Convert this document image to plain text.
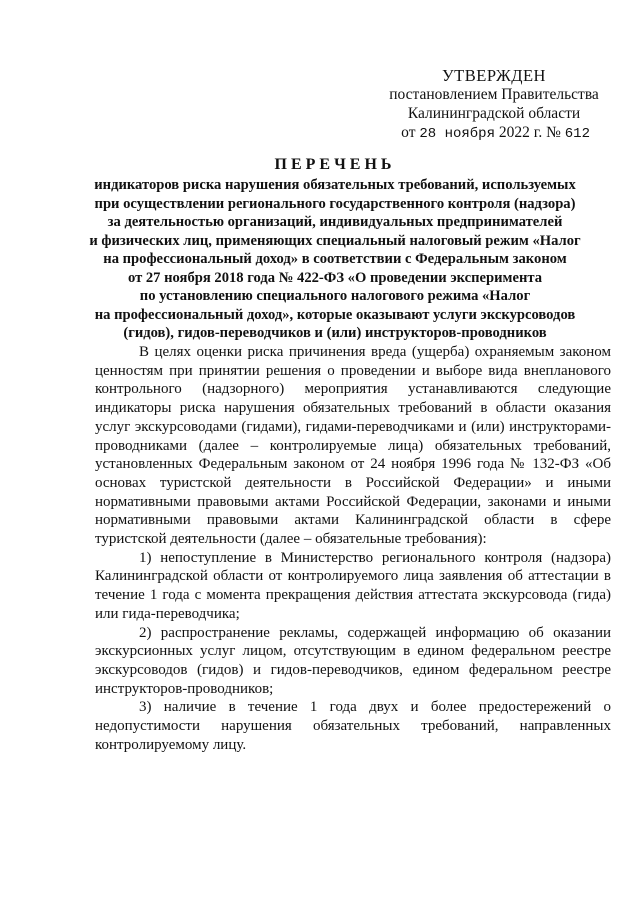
УТВЕРЖДЕН
постановлением Правительства
Калининградской области
от 28 ноября 2022 г. № 612
ПЕРЕЧЕНЬ
индикаторов риска нарушения обязательных требований, используемых
при осуществлении регионального государственного контроля (надзора)
за деятельностью организаций, индивидуальных предпринимателей
и физических лиц, применяющих специальный налоговый режим «Налог
на профессиональный доход» в соответствии с Федеральным законом
от 27 ноября 2018 года № 422-ФЗ «О проведении эксперимента
по установлению специального налогового режима «Налог
на профессиональный доход», которые оказывают услуги экскурсоводов
(гидов), гидов-переводчиков и (или) инструкторов-проводников

В целях оценки риска причинения вреда (ущерба) охраняемым законом ценностям при принятии решения о проведении и выборе вида внепланового контрольного (надзорного) мероприятия устанавливаются следующие индикаторы риска нарушения обязательных требований в области оказания услуг экскурсоводами (гидами), гидами-переводчиками и (или) инструкторами-проводниками (далее – контролируемые лица) обязательных требований, установленных Федеральным законом от 24 ноября 1996 года № 132-ФЗ «Об основах туристской деятельности в Российской Федерации» и иными нормативными правовыми актами Российской Федерации, законами и иными нормативными правовыми актами Калининградской области в сфере туристской деятельности (далее – обязательные требования):

1) непоступление в Министерство регионального контроля (надзора) Калининградской области от контролируемого лица заявления об аттестации в течение 1 года с момента прекращения действия аттестата экскурсовода (гида) или гида-переводчика;

2) распространение рекламы, содержащей информацию об оказании экскурсионных услуг лицом, отсутствующим в едином федеральном реестре экскурсоводов (гидов) и гидов-переводчиков, едином федеральном реестре инструкторов-проводников;

3) наличие в течение 1 года двух и более предостережений о недопустимости нарушения обязательных требований, направленных контролируемому лицу.
